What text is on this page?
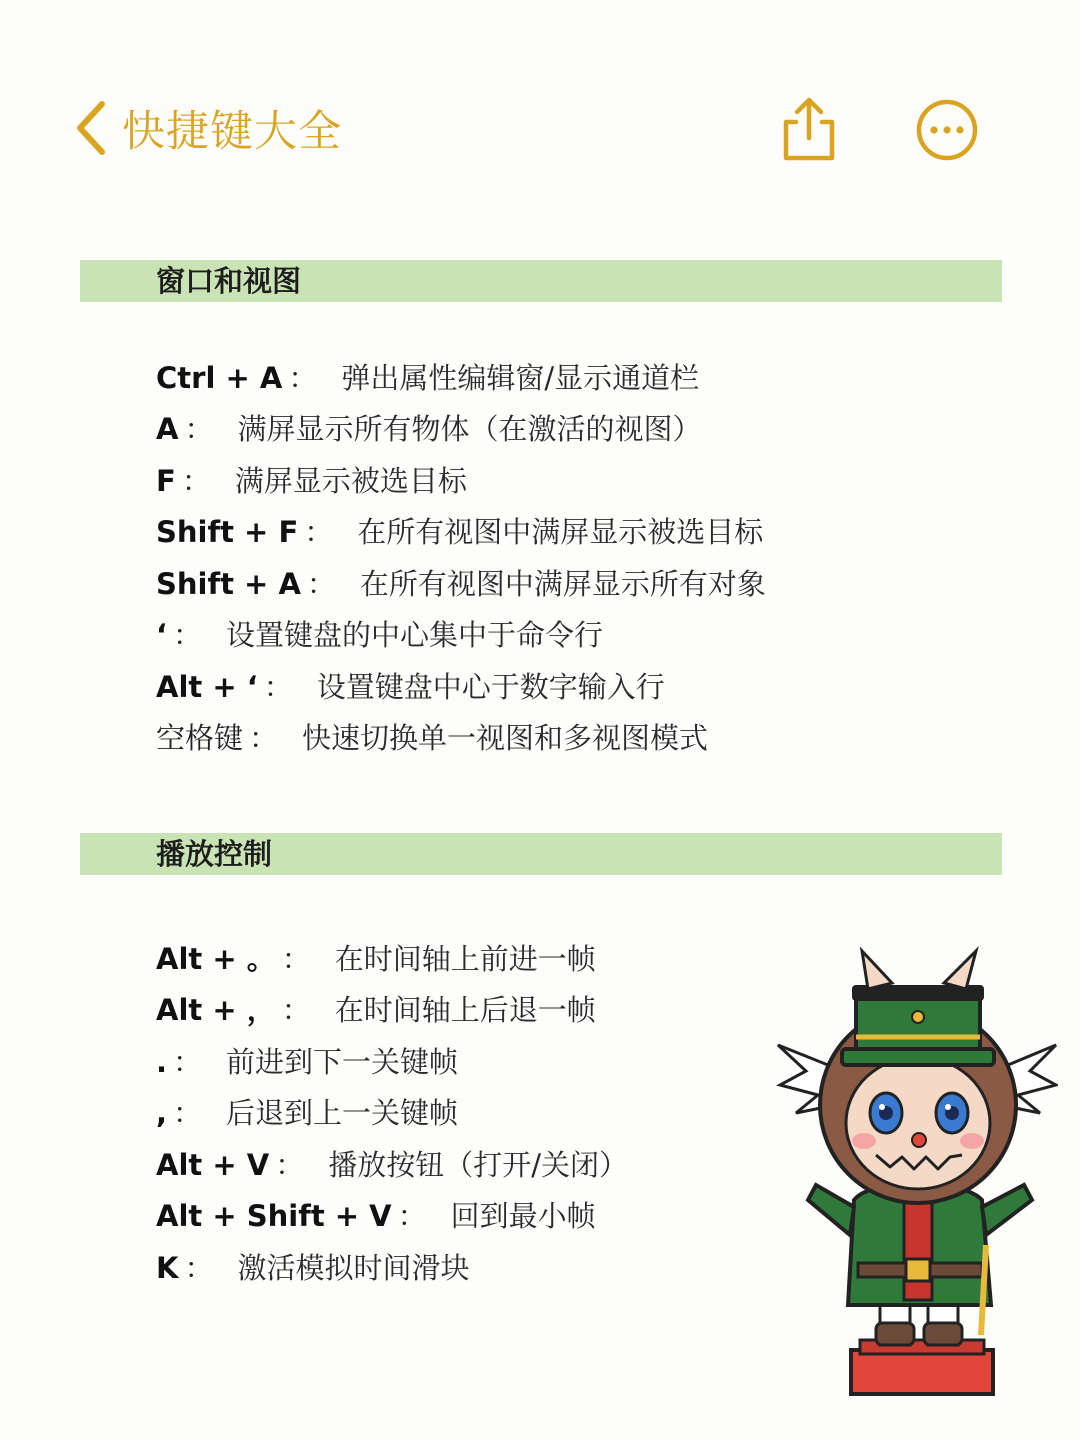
快捷键大全
窗口和视图
Ctrl + A ： 弹出属性编辑窗/显示通道栏
A ： 满屏显示所有物体（在激活的视图）
F ： 满屏显示被选目标
Shift + F ： 在所有视图中满屏显示被选目标
Shift + A ： 在所有视图中满屏显示所有对象
‘ ： 设置键盘的中心集中于命令行
Alt + ‘ ： 设置键盘中心于数字输入行
空格键 ： 快速切换单一视图和多视图模式
播放控制
Alt + 。 ： 在时间轴上前进一帧
Alt + ， ： 在时间轴上后退一帧
. ： 前进到下一关键帧
, ： 后退到上一关键帧
Alt + V ： 播放按钮（打开/关闭）
Alt + Shift + V ： 回到最小帧
K ： 激活模拟时间滑块
